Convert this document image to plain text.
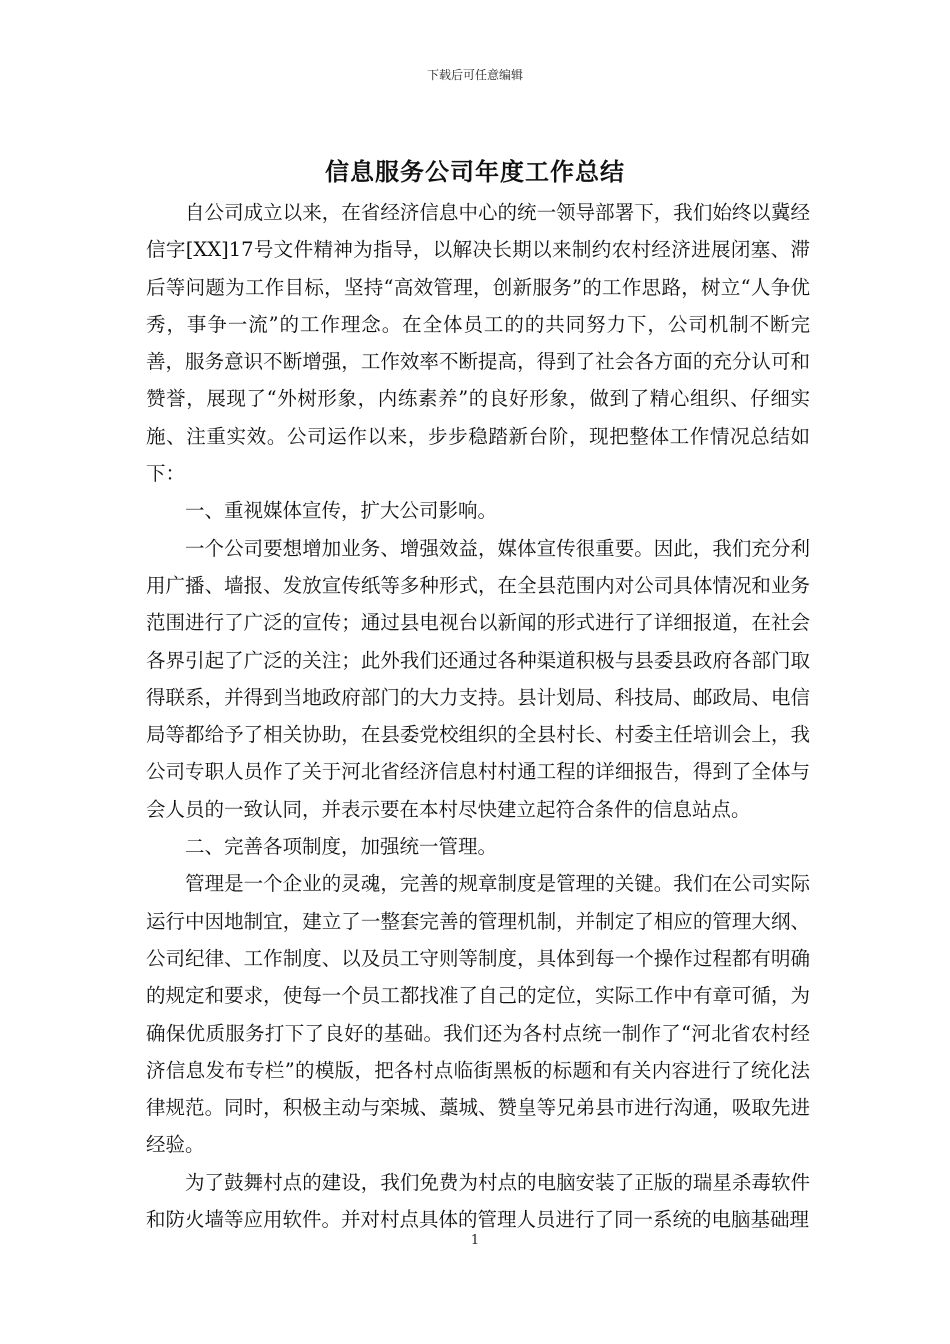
下载后可任意编辑
信息服务公司年度工作总结

自公司成立以来，在省经济信息中心的统一领导部署下，我们始终以冀经信字[XX]17号文件精神为指导，以解决长期以来制约农村经济进展闭塞、滞后等问题为工作目标，坚持“高效管理，创新服务”的工作思路，树立“人争优秀，事争一流”的工作理念。在全体员工的的共同努力下，公司机制不断完善，服务意识不断增强，工作效率不断提高，得到了社会各方面的充分认可和赞誉，展现了“外树形象，内练素养”的良好形象，做到了精心组织、仔细实施、注重实效。公司运作以来，步步稳踏新台阶，现把整体工作情况总结如下：

一、重视媒体宣传，扩大公司影响。

一个公司要想增加业务、增强效益，媒体宣传很重要。因此，我们充分利用广播、墙报、发放宣传纸等多种形式，在全县范围内对公司具体情况和业务范围进行了广泛的宣传；通过县电视台以新闻的形式进行了详细报道，在社会各界引起了广泛的关注；此外我们还通过各种渠道积极与县委县政府各部门取得联系，并得到当地政府部门的大力支持。县计划局、科技局、邮政局、电信局等都给予了相关协助，在县委党校组织的全县村长、村委主任培训会上，我公司专职人员作了关于河北省经济信息村村通工程的详细报告，得到了全体与会人员的一致认同，并表示要在本村尽快建立起符合条件的信息站点。

二、完善各项制度，加强统一管理。

管理是一个企业的灵魂，完善的规章制度是管理的关键。我们在公司实际运行中因地制宜，建立了一整套完善的管理机制，并制定了相应的管理大纲、公司纪律、工作制度、以及员工守则等制度，具体到每一个操作过程都有明确的规定和要求，使每一个员工都找准了自己的定位，实际工作中有章可循，为确保优质服务打下了良好的基础。我们还为各村点统一制作了“河北省农村经济信息发布专栏”的模版，把各村点临街黑板的标题和有关内容进行了统化法律规范。同时，积极主动与栾城、藁城、赞皇等兄弟县市进行沟通，吸取先进经验。

为了鼓舞村点的建设，我们免费为村点的电脑安装了正版的瑞星杀毒软件和防火墙等应用软件。并对村点具体的管理人员进行了同一系统的电脑基础理

1
